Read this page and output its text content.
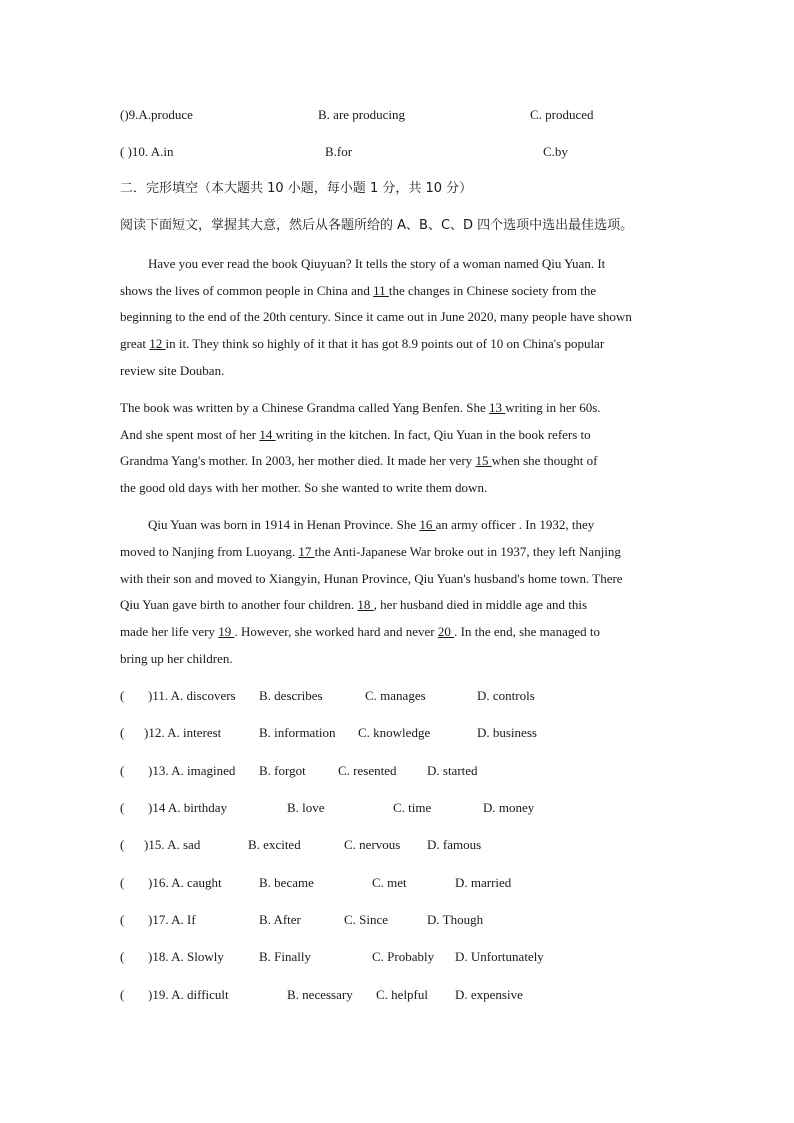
()9.A.produce	B. are producing	C. produced
( )10. A.in	B.for	C.by
二．完形填空（本大题共 10 小题，每小题 1 分，共 10 分）
阅读下面短文，掌握其大意，然后从各题所给的 A、B、C、D 四个选项中选出最佳选项。
Have you ever read the book Qiuyuan? It tells the story of a woman named Qiu Yuan. It
shows the lives of common people in China and 11 the changes in Chinese society from the
beginning to the end of the 20th century. Since it came out in June 2020, many people have shown
great 12 in it. They think so highly of it that it has got 8.9 points out of 10 on China's popular
review site Douban.
The book was written by a Chinese Grandma called Yang Benfen. She 13 writing in her 60s.
And she spent most of her 14 writing in the kitchen. In fact, Qiu Yuan in the book refers to
Grandma Yang's mother. In 2003, her mother died. It made her very 15 when she thought of
the good old days with her mother. So she wanted to write them down.
Qiu Yuan was born in 1914 in Henan Province. She 16 an army officer . In 1932, they
moved to Nanjing from Luoyang. 17 the Anti-Japanese War broke out in 1937, they left Nanjing
with their son and moved to Xiangyin, Hunan Province, Qiu Yuan's husband's home town. There
Qiu Yuan gave birth to another four children. 18 , her husband died in middle age and this
made her life very 19 . However, she worked hard and never 20 . In the end, she managed to
bring up her children.
( )11. A. discovers B. describes	C. manages	D. controls
( )12. A. interest	B. information C. knowledge	D. business
( )13. A. imagined B. forgot C. resented D. started
( )14 A. birthday	B. love	C. time	D. money
( )15. A. sad	B. excited	C. nervous D. famous
( )16. A. caught	B. became	C. met	D. married
( )17. A. If	B. After	C. Since	D. Though
( )18. A. Slowly	B. Finally	C. Probably D. Unfortunately
( )19. A. difficult	B. necessary C. helpful D. expensive
